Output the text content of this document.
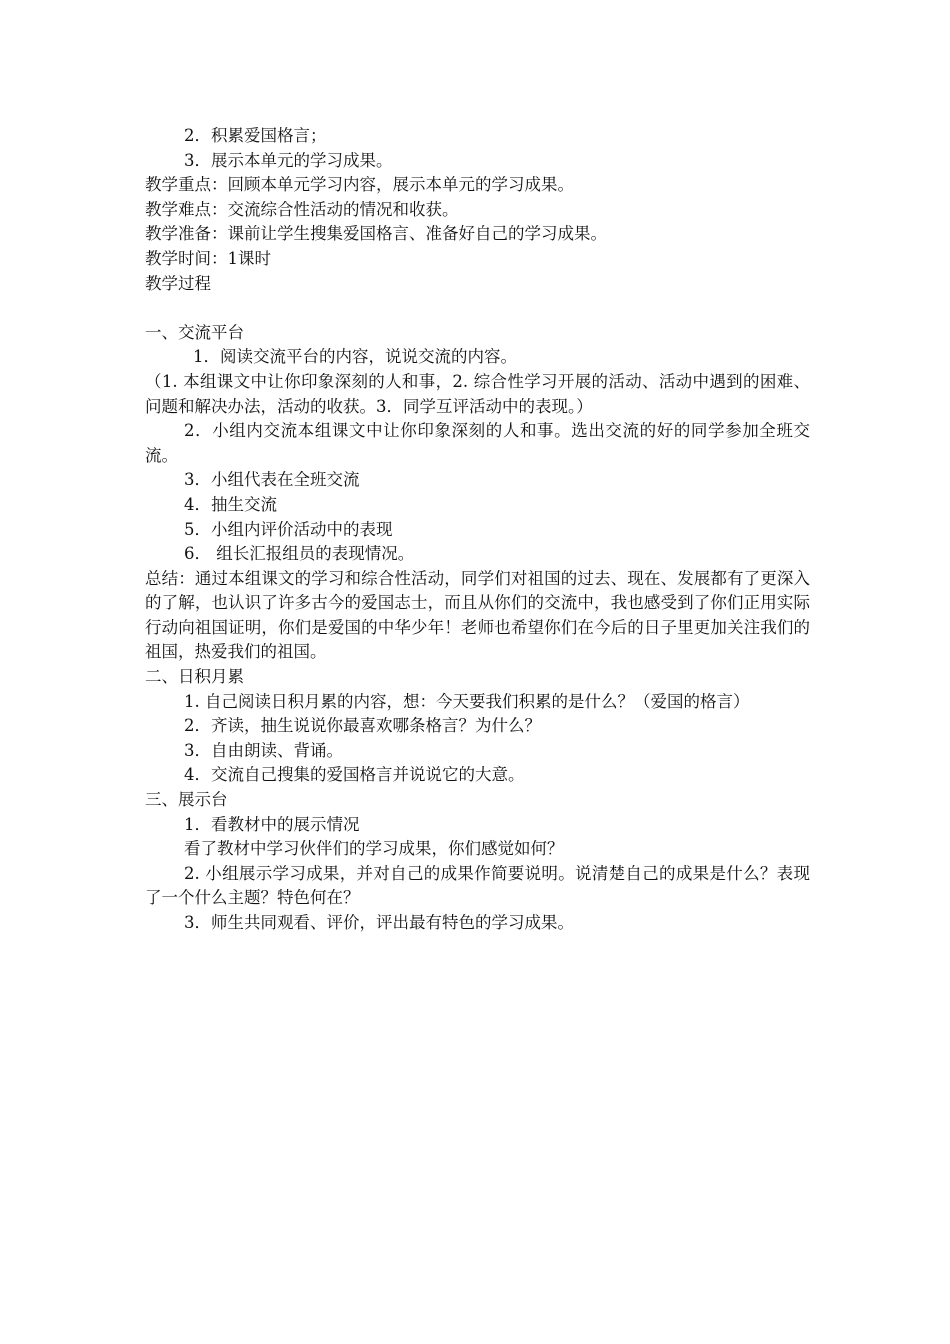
2．积累爱国格言；
3．展示本单元的学习成果。
教学重点：回顾本单元学习内容，展示本单元的学习成果。
教学难点：交流综合性活动的情况和收获。
教学准备：课前让学生搜集爱国格言、准备好自己的学习成果。
教学时间：1课时
教学过程
一、交流平台
1．阅读交流平台的内容，说说交流的内容。
（1. 本组课文中让你印象深刻的人和事，2. 综合性学习开展的活动、活动中遇到的困难、问题和解决办法，活动的收获。3．同学互评活动中的表现。）
2．小组内交流本组课文中让你印象深刻的人和事。选出交流的好的同学参加全班交流。
3．小组代表在全班交流
4．抽生交流
5．小组内评价活动中的表现
6． 组长汇报组员的表现情况。
总结：通过本组课文的学习和综合性活动，同学们对祖国的过去、现在、发展都有了更深入的了解，也认识了许多古今的爱国志士，而且从你们的交流中，我也感受到了你们正用实际行动向祖国证明，你们是爱国的中华少年！老师也希望你们在今后的日子里更加关注我们的祖国，热爱我们的祖国。
二、日积月累
1. 自己阅读日积月累的内容，想：今天要我们积累的是什么？（爱国的格言）
2．齐读，抽生说说你最喜欢哪条格言？为什么？
3．自由朗读、背诵。
4．交流自己搜集的爱国格言并说说它的大意。
三、展示台
1．看教材中的展示情况
看了教材中学习伙伴们的学习成果，你们感觉如何？
2. 小组展示学习成果，并对自己的成果作简要说明。说清楚自己的成果是什么？表现了一个什么主题？特色何在？
3．师生共同观看、评价，评出最有特色的学习成果。
